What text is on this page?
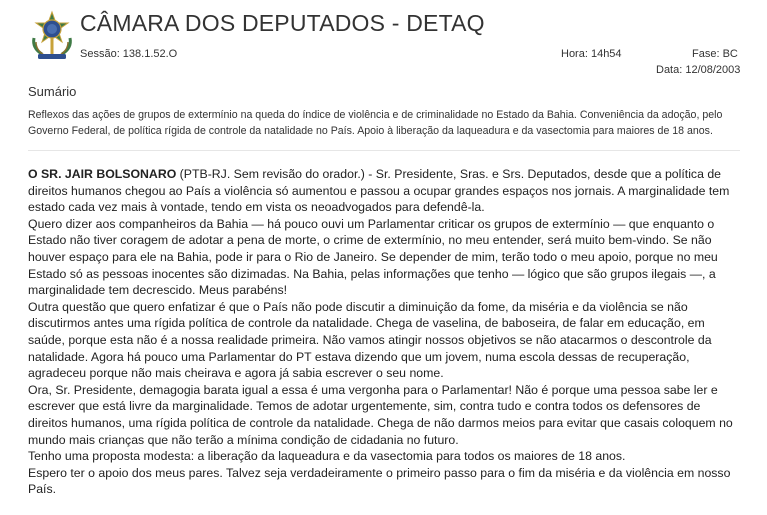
CÂMARA DOS DEPUTADOS - DETAQ
Sessão: 138.1.52.O	Hora: 14h54	Fase: BC
Data: 12/08/2003
Sumário
Reflexos das ações de grupos de extermínio na queda do índice de violência e de criminalidade no Estado da Bahia. Conveniência da adoção, pelo Governo Federal, de política rígida de controle da natalidade no País. Apoio à liberação da laqueadura e da vasectomia para maiores de 18 anos.

O SR. JAIR BOLSONARO (PTB-RJ. Sem revisão do orador.) - Sr. Presidente, Sras. e Srs. Deputados, desde que a política de direitos humanos chegou ao País a violência só aumentou e passou a ocupar grandes espaços nos jornais. A marginalidade tem estado cada vez mais à vontade, tendo em vista os neoadvogados para defendê-la.

Quero dizer aos companheiros da Bahia — há pouco ouvi um Parlamentar criticar os grupos de extermínio — que enquanto o Estado não tiver coragem de adotar a pena de morte, o crime de extermínio, no meu entender, será muito bem-vindo. Se não houver espaço para ele na Bahia, pode ir para o Rio de Janeiro. Se depender de mim, terão todo o meu apoio, porque no meu Estado só as pessoas inocentes são dizimadas. Na Bahia, pelas informações que tenho — lógico que são grupos ilegais —, a marginalidade tem decrescido. Meus parabéns!

Outra questão que quero enfatizar é que o País não pode discutir a diminuição da fome, da miséria e da violência se não discutirmos antes uma rígida política de controle da natalidade. Chega de vaselina, de baboseira, de falar em educação, em saúde, porque esta não é a nossa realidade primeira. Não vamos atingir nossos objetivos se não atacarmos o descontrole da natalidade. Agora há pouco uma Parlamentar do PT estava dizendo que um jovem, numa escola dessas de recuperação, agradeceu porque não mais cheirava e agora já sabia escrever o seu nome.

Ora, Sr. Presidente, demagogia barata igual a essa é uma vergonha para o Parlamentar! Não é porque uma pessoa sabe ler e escrever que está livre da marginalidade. Temos de adotar urgentemente, sim, contra tudo e contra todos os defensores de direitos humanos, uma rígida política de controle da natalidade. Chega de não darmos meios para evitar que casais coloquem no mundo mais crianças que não terão a mínima condição de cidadania no futuro.

Tenho uma proposta modesta: a liberação da laqueadura e da vasectomia para todos os maiores de 18 anos.

Espero ter o apoio dos meus pares. Talvez seja verdadeiramente o primeiro passo para o fim da miséria e da violência em nosso País.
